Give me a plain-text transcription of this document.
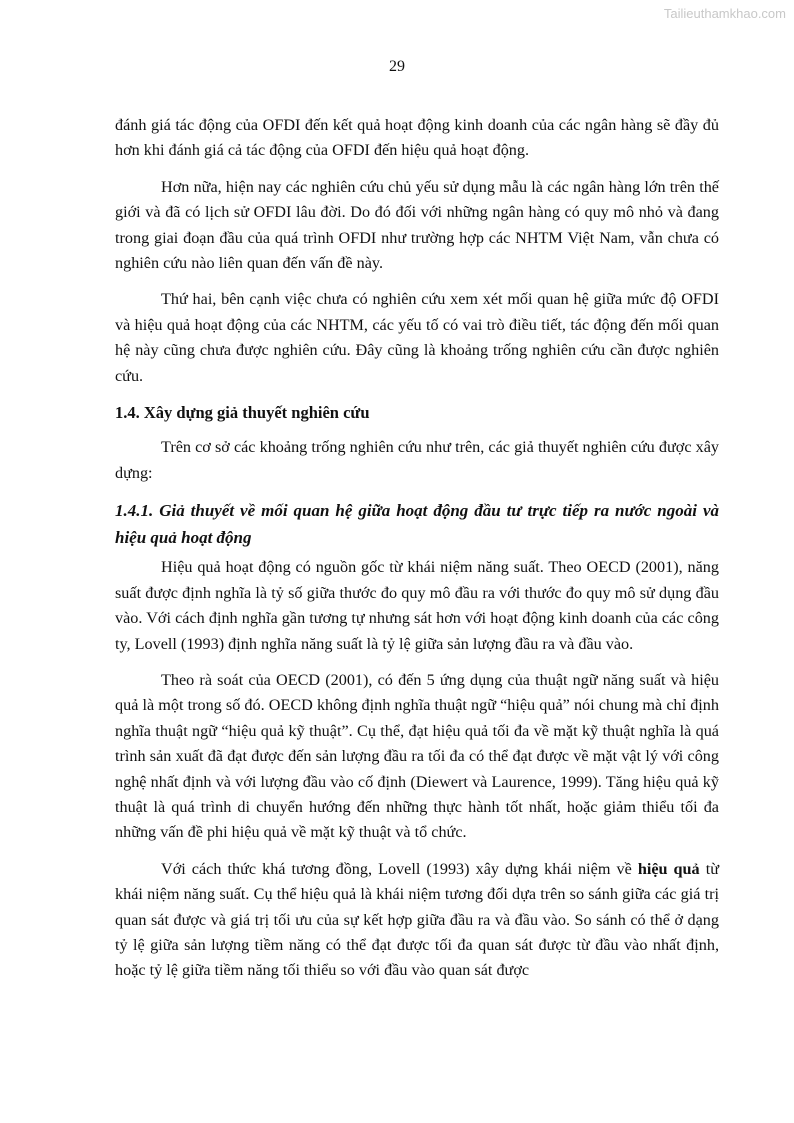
Tailieuthamkhao.com
29

đánh giá tác động của OFDI đến kết quả hoạt động kinh doanh của các ngân hàng sẽ đầy đủ hơn khi đánh giá cả tác động của OFDI đến hiệu quả hoạt động.

Hơn nữa, hiện nay các nghiên cứu chủ yếu sử dụng mẫu là các ngân hàng lớn trên thế giới và đã có lịch sử OFDI lâu đời. Do đó đối với những ngân hàng có quy mô nhỏ và đang trong giai đoạn đầu của quá trình OFDI như trường hợp các NHTM Việt Nam, vẫn chưa có nghiên cứu nào liên quan đến vấn đề này.

Thứ hai, bên cạnh việc chưa có nghiên cứu xem xét mối quan hệ giữa mức độ OFDI và hiệu quả hoạt động của các NHTM, các yếu tố có vai trò điều tiết, tác động đến mối quan hệ này cũng chưa được nghiên cứu. Đây cũng là khoảng trống nghiên cứu cần được nghiên cứu.

1.4. Xây dựng giả thuyết nghiên cứu

Trên cơ sở các khoảng trống nghiên cứu như trên, các giả thuyết nghiên cứu được xây dựng:

1.4.1. Giả thuyết về mối quan hệ giữa hoạt động đầu tư trực tiếp ra nước ngoài và hiệu quả hoạt động

Hiệu quả hoạt động có nguồn gốc từ khái niệm năng suất. Theo OECD (2001), năng suất được định nghĩa là tỷ số giữa thước đo quy mô đầu ra với thước đo quy mô sử dụng đầu vào. Với cách định nghĩa gần tương tự nhưng sát hơn với hoạt động kinh doanh của các công ty, Lovell (1993) định nghĩa năng suất là tỷ lệ giữa sản lượng đầu ra và đầu vào.

Theo rà soát của OECD (2001), có đến 5 ứng dụng của thuật ngữ năng suất và hiệu quả là một trong số đó. OECD không định nghĩa thuật ngữ “hiệu quả” nói chung mà chỉ định nghĩa thuật ngữ “hiệu quả kỹ thuật”. Cụ thể, đạt hiệu quả tối đa về mặt kỹ thuật nghĩa là quá trình sản xuất đã đạt được đến sản lượng đầu ra tối đa có thể đạt được về mặt vật lý với công nghệ nhất định và với lượng đầu vào cố định (Diewert và Laurence, 1999). Tăng hiệu quả kỹ thuật là quá trình di chuyển hướng đến những thực hành tốt nhất, hoặc giảm thiểu tối đa những vấn đề phi hiệu quả về mặt kỹ thuật và tổ chức.

Với cách thức khá tương đồng, Lovell (1993) xây dựng khái niệm về hiệu quả từ khái niệm năng suất. Cụ thể hiệu quả là khái niệm tương đối dựa trên so sánh giữa các giá trị quan sát được và giá trị tối ưu của sự kết hợp giữa đầu ra và đầu vào. So sánh có thể ở dạng tỷ lệ giữa sản lượng tiềm năng có thể đạt được tối đa quan sát được từ đầu vào nhất định, hoặc tỷ lệ giữa tiềm năng tối thiểu so với đầu vào quan sát được
